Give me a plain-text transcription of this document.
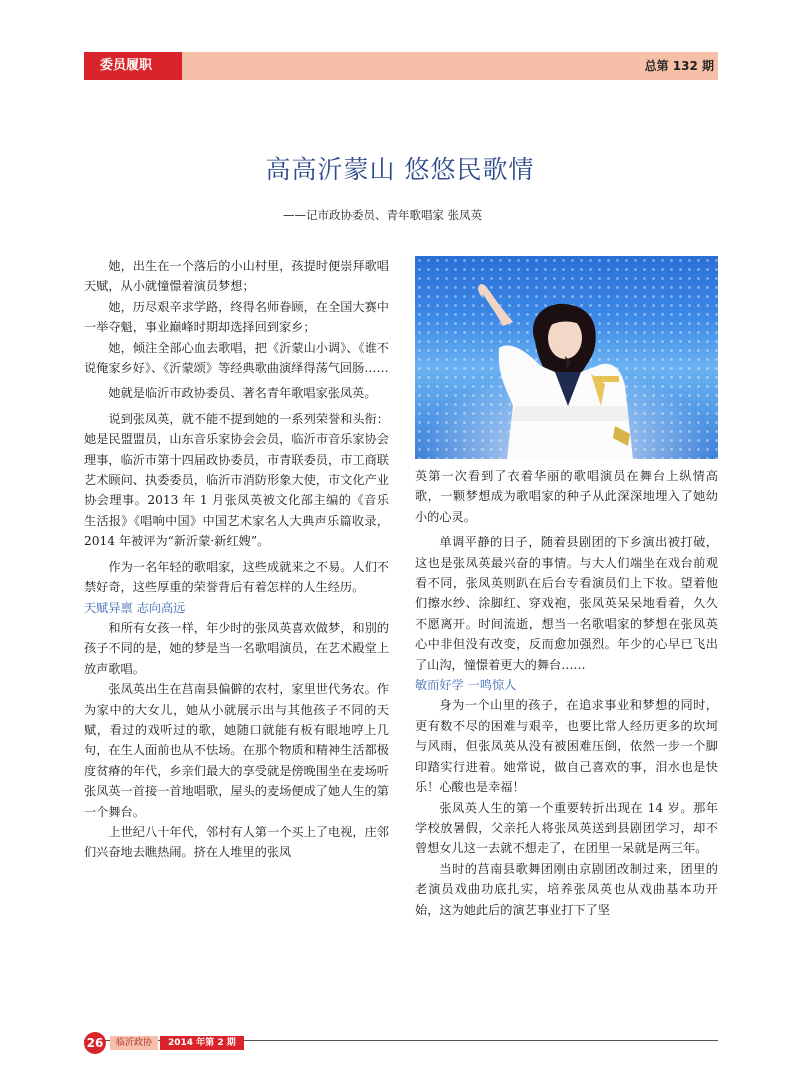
委员履职	总第 132 期
高高沂蒙山 悠悠民歌情
——记市政协委员、青年歌唱家 张凤英

她，出生在一个落后的小山村里，孩提时便崇拜歌唱天赋，从小就憧憬着演员梦想；

她，历尽艰辛求学路，终得名师眷顾，在全国大赛中一举夺魁，事业巅峰时期却选择回到家乡；

她，倾注全部心血去歌唱，把《沂蒙山小调》、《谁不说俺家乡好》、《沂蒙颂》等经典歌曲演绎得荡气回肠……

她就是临沂市政协委员、著名青年歌唱家张凤英。

说到张凤英，就不能不提到她的一系列荣誉和头衔：她是民盟盟员，山东音乐家协会会员，临沂市音乐家协会理事，临沂市第十四届政协委员，市青联委员，市工商联艺术顾问、执委委员，临沂市消防形象大使，市文化产业协会理事。2013 年 1 月张凤英被文化部主编的《音乐生活报》《唱响中国》中国艺术家名人大典声乐篇收录，2014 年被评为“新沂蒙·新红嫂”。

作为一名年轻的歌唱家，这些成就来之不易。人们不禁好奇，这些厚重的荣誉背后有着怎样的人生经历。

天赋异禀 志向高远

和所有女孩一样，年少时的张凤英喜欢做梦，和别的孩子不同的是，她的梦是当一名歌唱演员，在艺术殿堂上放声歌唱。

张凤英出生在莒南县偏僻的农村，家里世代务农。作为家中的大女儿，她从小就展示出与其他孩子不同的天赋，看过的戏听过的歌，她随口就能有板有眼地哼上几句，在生人面前也从不怯场。在那个物质和精神生活都极度贫瘠的年代，乡亲们最大的享受就是傍晚围坐在麦场听张凤英一首接一首地唱歌，屋头的麦场便成了她人生的第一个舞台。

上世纪八十年代，邻村有人第一个买上了电视，庄邻们兴奋地去瞧热闹。挤在人堆里的张凤

英第一次看到了衣着华丽的歌唱演员在舞台上纵情高歌，一颗梦想成为歌唱家的种子从此深深地埋入了她幼小的心灵。

单调平静的日子，随着县剧团的下乡演出被打破，这也是张凤英最兴奋的事情。与大人们端坐在戏台前观看不同，张凤英则趴在后台专看演员们上下妆。望着他们擦水纱、涂脚红、穿戏袍，张凤英呆呆地看着，久久不愿离开。时间流逝，想当一名歌唱家的梦想在张凤英心中非但没有改变，反而愈加强烈。年少的心早已飞出了山沟，憧憬着更大的舞台……

敏而好学 一鸣惊人

身为一个山里的孩子，在追求事业和梦想的同时，更有数不尽的困难与艰辛，也要比常人经历更多的坎坷与风雨，但张凤英从没有被困难压倒，依然一步一个脚印踏实行进着。她常说，做自己喜欢的事，泪水也是快乐！心酸也是幸福！

张凤英人生的第一个重要转折出现在 14 岁。那年学校放暑假，父亲托人将张凤英送到县剧团学习，却不曾想女儿这一去就不想走了，在团里一呆就是两三年。

当时的莒南县歌舞团刚由京剧团改制过来，团里的老演员戏曲功底扎实，培养张凤英也从戏曲基本功开始，这为她此后的演艺事业打下了坚

26	临沂政协	2014 年第 2 期
